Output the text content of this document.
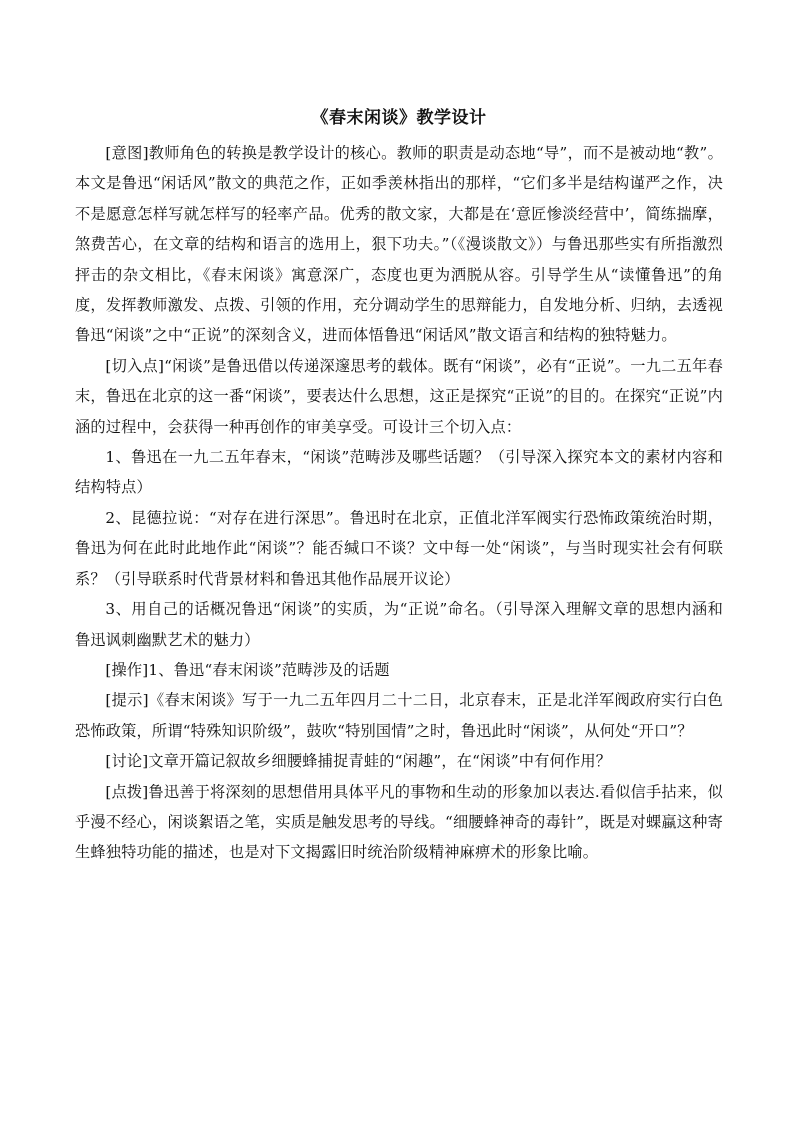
《春末闲谈》教学设计

[意图]教师角色的转换是教学设计的核心。教师的职责是动态地“导”，而不是被动地“教”。本文是鲁迅“闲话风”散文的典范之作，正如季羡林指出的那样，“它们多半是结构谨严之作，决不是愿意怎样写就怎样写的轻率产品。优秀的散文家，大都是在‘意匠惨淡经营中’，简练揣摩，煞费苦心，在文章的结构和语言的选用上，狠下功夫。”（《漫谈散文》）与鲁迅那些实有所指激烈抨击的杂文相比，《春末闲谈》寓意深广，态度也更为洒脱从容。引导学生从“读懂鲁迅”的角度，发挥教师激发、点拨、引领的作用，充分调动学生的思辩能力，自发地分析、归纳，去透视鲁迅“闲谈”之中“正说”的深刻含义，进而体悟鲁迅“闲话风”散文语言和结构的独特魅力。

[切入点]“闲谈”是鲁迅借以传递深邃思考的载体。既有“闲谈”，必有“正说”。一九二五年春末，鲁迅在北京的这一番“闲谈”，要表达什么思想，这正是探究“正说”的目的。在探究“正说”内涵的过程中，会获得一种再创作的审美享受。可设计三个切入点：

1、鲁迅在一九二五年春末，“闲谈”范畴涉及哪些话题？（引导深入探究本文的素材内容和结构特点）

2、昆德拉说：“对存在进行深思”。鲁迅时在北京，正值北洋军阀实行恐怖政策统治时期，鲁迅为何在此时此地作此“闲谈”？能否缄口不谈？文中每一处“闲谈”，与当时现实社会有何联系？（引导联系时代背景材料和鲁迅其他作品展开议论）

3、用自己的话概况鲁迅“闲谈”的实质，为“正说”命名。（引导深入理解文章的思想内涵和鲁迅讽刺幽默艺术的魅力）

[操作]1、鲁迅“春末闲谈”范畴涉及的话题

[提示]《春末闲谈》写于一九二五年四月二十二日，北京春末，正是北洋军阀政府实行白色恐怖政策，所谓“特殊知识阶级”，鼓吹“特别国情”之时，鲁迅此时“闲谈”，从何处“开口”？

[讨论]文章开篇记叙故乡细腰蜂捕捉青蛙的“闲趣”，在“闲谈”中有何作用？

[点拨]鲁迅善于将深刻的思想借用具体平凡的事物和生动的形象加以表达.看似信手拈来，似乎漫不经心，闲谈絮语之笔，实质是触发思考的导线。“细腰蜂神奇的毒针”，既是对蜾蠃这种寄生蜂独特功能的描述，也是对下文揭露旧时统治阶级精神麻痹术的形象比喻。
